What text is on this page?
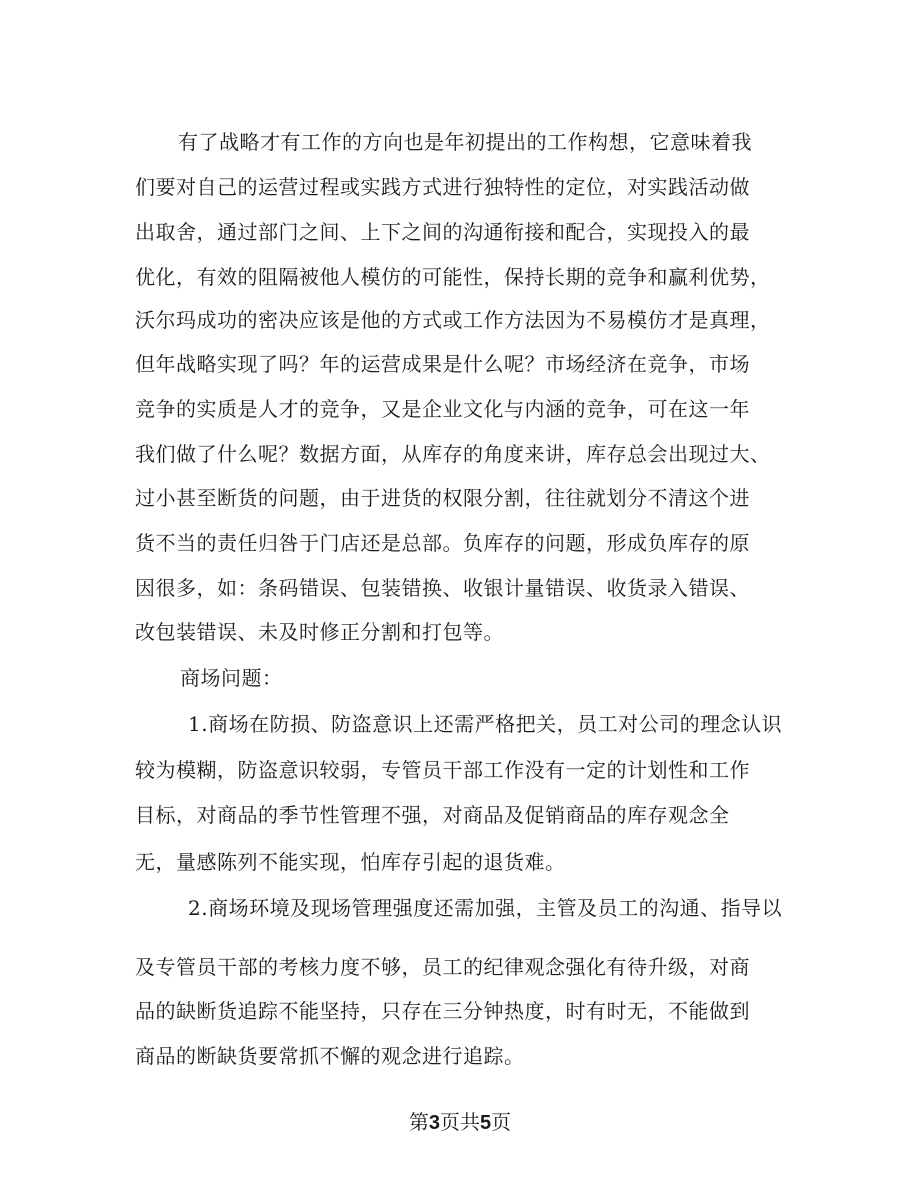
有了战略才有工作的方向也是年初提出的工作构想，它意味着我
们要对自己的运营过程或实践方式进行独特性的定位，对实践活动做
出取舍，通过部门之间、上下之间的沟通衔接和配合，实现投入的最
优化，有效的阻隔被他人模仿的可能性，保持长期的竞争和赢利优势，
沃尔玛成功的密决应该是他的方式或工作方法因为不易模仿才是真理，
但年战略实现了吗？年的运营成果是什么呢？市场经济在竞争，市场
竞争的实质是人才的竞争，又是企业文化与内涵的竞争，可在这一年
我们做了什么呢？数据方面，从库存的角度来讲，库存总会出现过大、
过小甚至断货的问题，由于进货的权限分割，往往就划分不清这个进
货不当的责任归咎于门店还是总部。负库存的问题，形成负库存的原
因很多，如：条码错误、包装错换、收银计量错误、收货录入错误、
改包装错误、未及时修正分割和打包等。
商场问题：
1.商场在防损、防盗意识上还需严格把关，员工对公司的理念认识
较为模糊，防盗意识较弱，专管员干部工作没有一定的计划性和工作
目标，对商品的季节性管理不强，对商品及促销商品的库存观念全
无，量感陈列不能实现，怕库存引起的退货难。
2.商场环境及现场管理强度还需加强，主管及员工的沟通、指导以
及专管员干部的考核力度不够，员工的纪律观念强化有待升级，对商
品的缺断货追踪不能坚持，只存在三分钟热度，时有时无，不能做到
商品的断缺货要常抓不懈的观念进行追踪。
第3页共5页
